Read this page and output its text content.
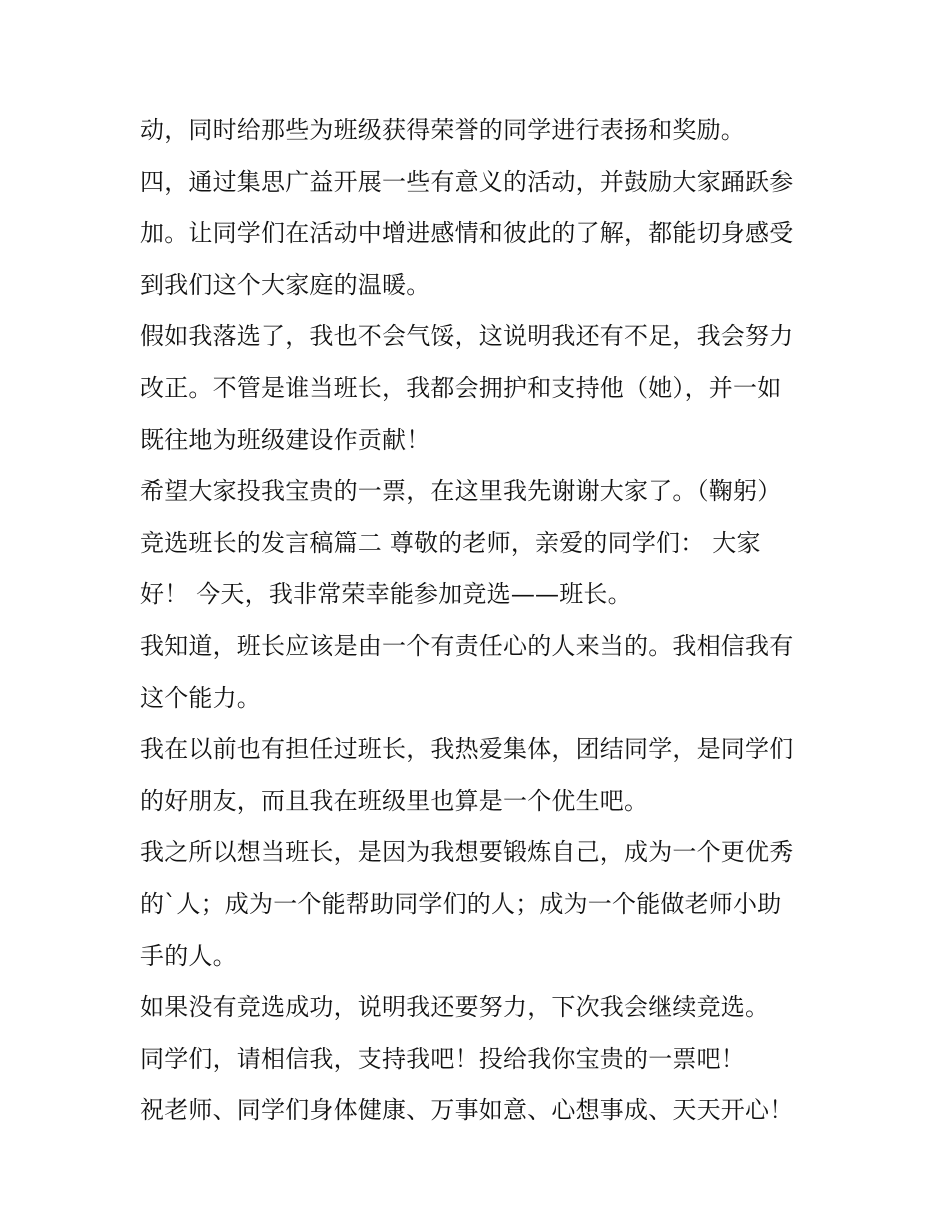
动，同时给那些为班级获得荣誉的同学进行表扬和奖励。
四，通过集思广益开展一些有意义的活动，并鼓励大家踊跃参
加。让同学们在活动中增进感情和彼此的了解，都能切身感受
到我们这个大家庭的温暖。
假如我落选了，我也不会气馁，这说明我还有不足，我会努力
改正。不管是谁当班长，我都会拥护和支持他（她），并一如
既往地为班级建设作贡献！
希望大家投我宝贵的一票，在这里我先谢谢大家了。（鞠躬）
竞选班长的发言稿篇二 尊敬的老师，亲爱的同学们： 大家
好！ 今天，我非常荣幸能参加竞选——班长。
我知道，班长应该是由一个有责任心的人来当的。我相信我有
这个能力。
我在以前也有担任过班长，我热爱集体，团结同学，是同学们
的好朋友，而且我在班级里也算是一个优生吧。
我之所以想当班长，是因为我想要锻炼自己，成为一个更优秀
的`人；成为一个能帮助同学们的人；成为一个能做老师小助
手的人。
如果没有竞选成功，说明我还要努力，下次我会继续竞选。
同学们，请相信我，支持我吧！投给我你宝贵的一票吧！
祝老师、同学们身体健康、万事如意、心想事成、天天开心！
